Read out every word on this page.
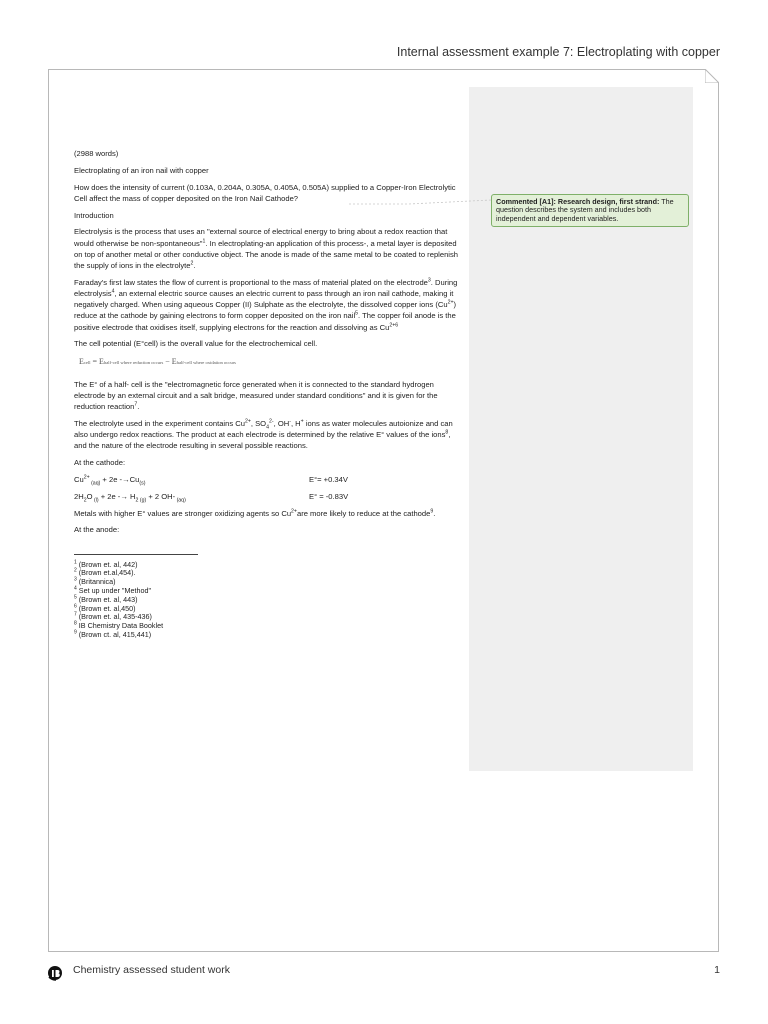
Internal assessment example 7: Electroplating with copper

(2988 words)

Electroplating of an iron nail with copper

How does the intensity of current (0.103A, 0.204A, 0.305A, 0.405A, 0.505A) supplied to a Copper-Iron Electrolytic Cell affect the mass of copper deposited on the Iron Nail Cathode?

Introduction

Electrolysis is the process that uses an "external source of electrical energy to bring about a redox reaction that would otherwise be non-spontaneous"$^1$. In electroplating-an application of this process-, a metal layer is deposited on top of another metal or other conductive object. The anode is made of the same metal to be coated to replenish the supply of ions in the electrolyte$^2$.

Faraday's first law states the flow of current is proportional to the mass of material plated on the electrode$^3$. During electrolysis$^4$, an external electric source causes an electric current to pass through an iron nail cathode, making it negatively charged. When using aqueous Copper (II) Sulphate as the electrolyte, the dissolved copper ions $(Cu^{2+})$ reduce at the cathode by gaining electrons to form copper deposited on the iron nail$^5$. The copper foil anode is the positive electrode that oxidises itself, supplying electrons for the reaction and dissolving as $Cu^{2+6}$

The cell potential (E°cell) is the overall value for the electrochemical cell.

Ecell = Ehalf-cell where reduction occurs − Ehalf-cell where oxidation occurs

The E° of a half- cell is the "electromagnetic force generated when it is connected to the standard hydrogen electrode by an external circuit and a salt bridge, measured under standard conditions" and it is given for the reduction reaction$^7$.

The electrolyte used in the experiment contains $Cu^{2+}$, $SO_4^{2-}$, OH-, H+ ions as water molecules autoionize and can also undergo redox reactions. The product at each electrode is determined by the relative E° values of the ions$^8$, and the nature of the electrode resulting in several possible reactions.

At the cathode:

$Cu^{2+}$ $_{(aq)}$ + 2e $-\to Cu_{(s)}$	E°= +0.34V
$2H_2O$ $_{(l)} + 2e -\to H_{2 (g)} + 2$ OH- $_{(aq)}$	E° = -0.83V

Metals with higher E° values are stronger oxidizing agents so $Cu^{2+}are$ more likely to reduce at the cathode$^9$.

At the anode:

$^1$ (Brown et. al, 442)
$^2$ (Brown et.al,454).
$^3$ (Britannica)
$^4$ Set up under "Method"
$^5$ (Brown et. al, 443)
$^6$ (Brown et. al,450)
$^7$ (Brown et. al, 435-436)
$^8$ IB Chemistry Data Booklet
$^9$ (Brown ct. al, 415,441)
Commented [A1]: Research design, first strand: The question describes the system and includes both independent and dependent variables.
Chemistry assessed student work	1
